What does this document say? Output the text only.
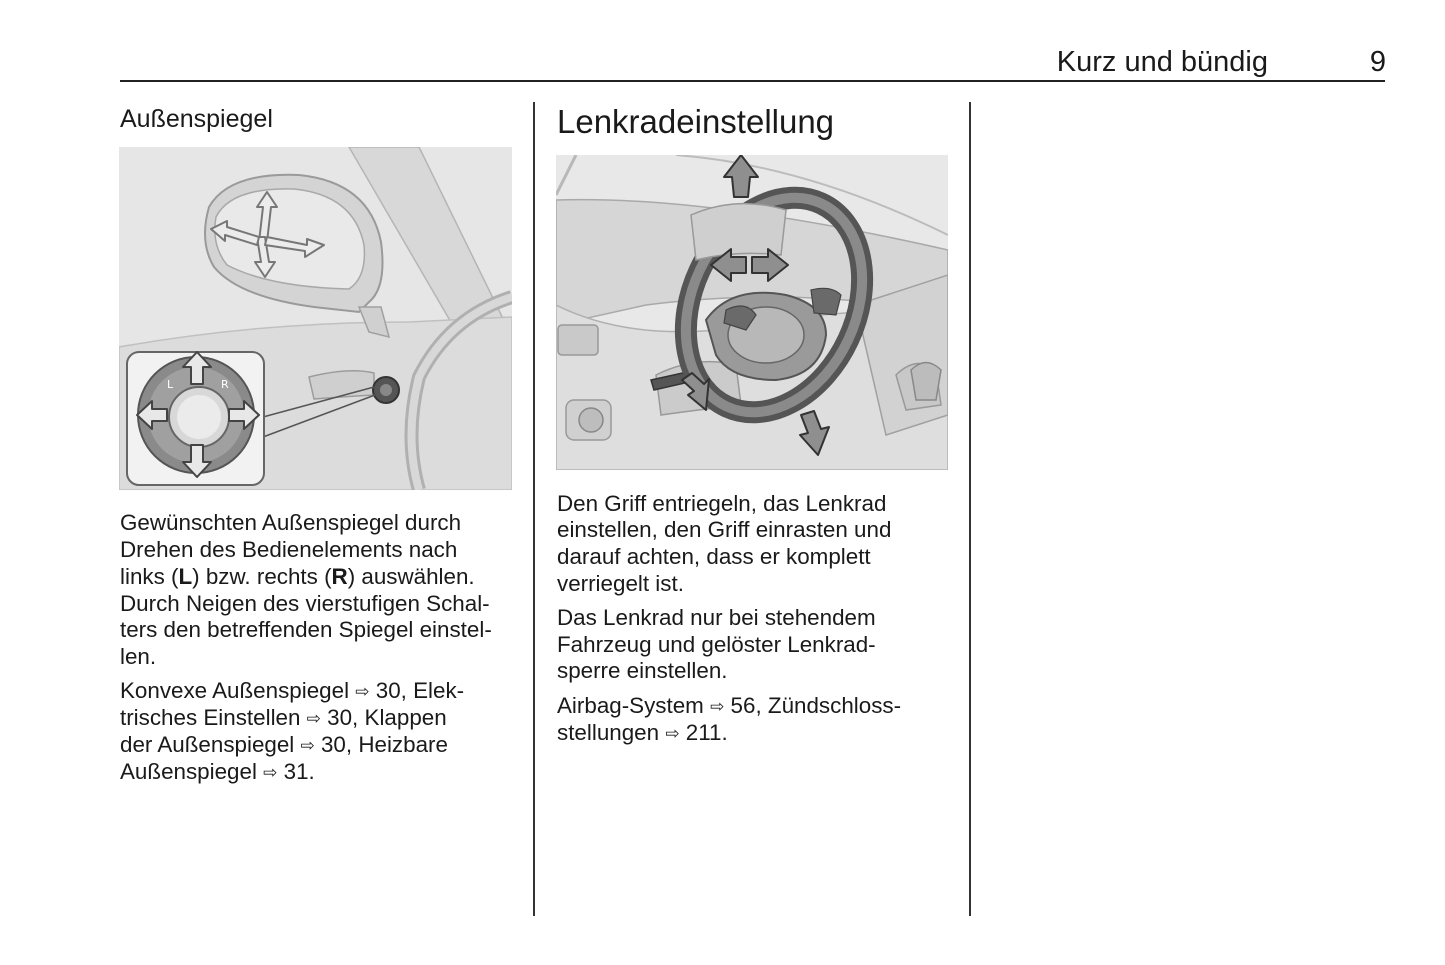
Kurz und bündig	9
Außenspiegel
L	R

Gewünschten Außenspiegel durch

Drehen des Bedienelements nach

links (L) bzw. rechts (R) auswählen.

Durch Neigen des vierstufigen Schal-

ters den betreffenden Spiegel einstel-

len.

Konvexe Außenspiegel ⇨ 30, Elek-

trisches Einstellen ⇨ 30, Klappen

der Außenspiegel ⇨ 30, Heizbare

Außenspiegel ⇨ 31.

Lenkradeinstellung

Den Griff entriegeln, das Lenkrad

einstellen, den Griff einrasten und

darauf achten, dass er komplett

verriegelt ist.

Das Lenkrad nur bei stehendem

Fahrzeug und gelöster Lenkrad-

sperre einstellen.

Airbag-System ⇨ 56, Zündschloss-

stellungen ⇨ 211.
